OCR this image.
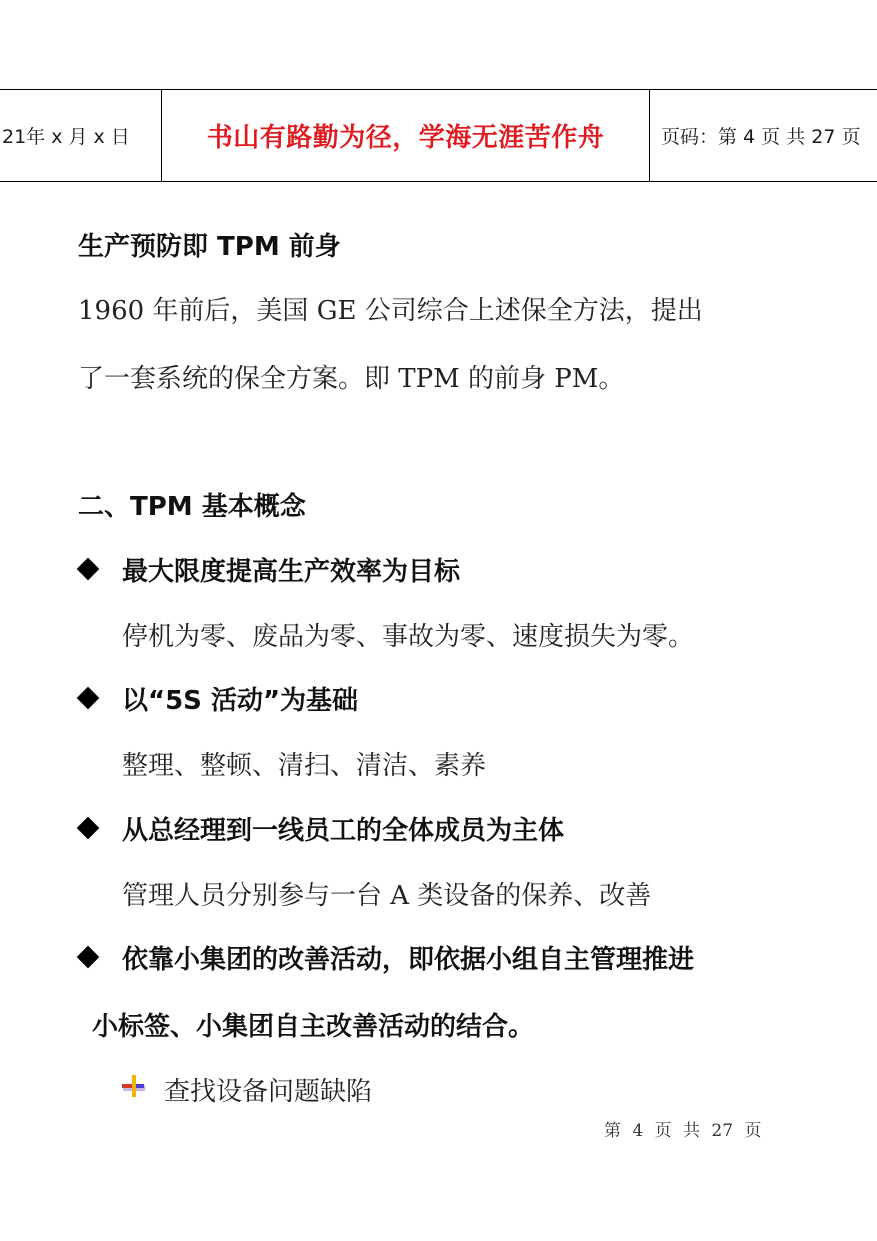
21年 x 月 x 日	书山有路勤为径，学海无涯苦作舟	页码：第 4 页 共 27 页
生产预防即 TPM 前身
1960 年前后，美国 GE 公司综合上述保全方法，提出
了一套系统的保全方案。即 TPM 的前身 PM。
二、TPM 基本概念
最大限度提高生产效率为目标
停机为零、废品为零、事故为零、速度损失为零。
以“5S 活动”为基础
整理、整顿、清扫、清洁、素养
从总经理到一线员工的全体成员为主体
管理人员分别参与一台 A 类设备的保养、改善
依靠小集团的改善活动，即依据小组自主管理推进
小标签、小集团自主改善活动的结合。
查找设备问题缺陷
第 4 页 共 27 页
